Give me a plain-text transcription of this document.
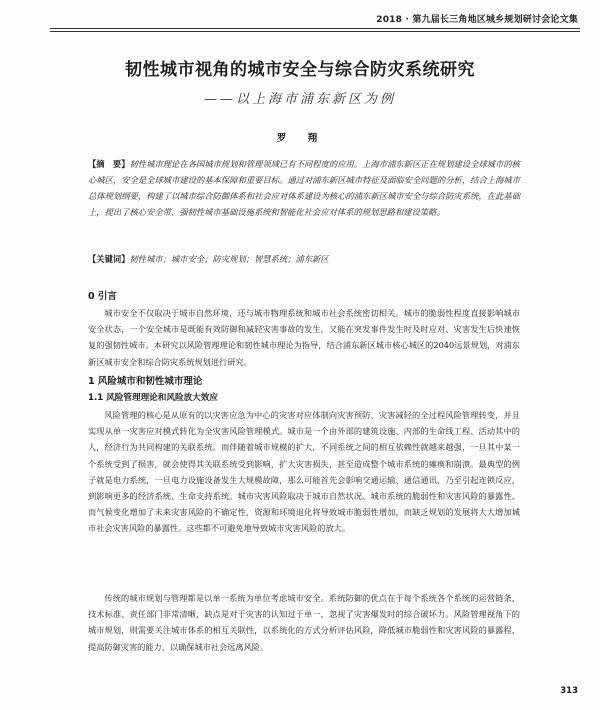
2018 · 第九届长三角地区城乡规划研讨会论文集
韧性城市视角的城市安全与综合防灾系统研究
——以上海市浦东新区为例
罗　翔
【摘　要】韧性城市理论在各国城市规划和管理领域已有不同程度的应用。上海市浦东新区正在规划建设全球城市的核心城区，安全是全球城市建设的基本保障和重要目标。通过对浦东新区城市特征及面临安全问题的分析，结合上海城市总体规划纲要，构建了以城市综合防御体系和社会应对体系建设为核心的浦东新区城市安全与综合防灾系统，在此基础上，提出了核心安全带、强韧性城市基础设施系统和智能化社会应对体系的规划思路和建设策略。
【关键词】韧性城市；城市安全；防灾规划；智慧系统；浦东新区
0 引言
城市安全不仅取决于城市自然环境，还与城市物理系统和城市社会系统密切相关。城市的脆弱性程度直接影响城市安全状态，一个安全城市是既能有效防御和减轻灾害事故的发生，又能在突发事件发生时及时应对、灾害发生后快速恢复的强韧性城市。本研究以风险管理理论和韧性城市理论为指导，结合浦东新区城市核心城区的2040远景规划，对浦东新区城市安全和综合防灾系统规划进行研究。
1 风险城市和韧性城市理论
1.1 风险管理理论和风险放大效应
风险管理的核心是从原有的以灾害应急为中心的灾害对应体制向灾害预防、灾害减轻的全过程风险管理转变，并且实现从单一灾害应对模式转化为全灾害风险管理模式。城市是一个由外部的建筑设施、内部的生命线工程、活动其中的人，经济行为共同构建的关联系统。而伴随着城市规模的扩大，不同系统之间的相互依赖性就越来越强，一旦其中某一个系统受到了损害，就会使得其关联系统受到影响，扩大灾害损失，甚至造成整个城市系统的瘫痪和崩溃。最典型的例子就是电力系统，一旦电力设施设备发生大规模故障，那么可能首先会影响交通运输、通信通讯，乃至引起连锁反应，到影响更多的经济系统、生命支持系统。城市灾害风险取决于城市自然状况、城市系统的脆弱性和灾害风险的暴露性。而气候变化增加了未来灾害风险的不确定性，资源和环境退化将导致城市脆弱性增加，而缺乏规划的发展将大大增加城市社会灾害风险的暴露性。这些都不可避免地导致城市灾害风险的放大。
传统的城市规划与管理都是以单一系统为单位考虑城市安全。系统防御的优点在于每个系统各个系统的运营链条、技术标准、责任部门非常清晰，缺点是对于灾害的认知过于单一，忽视了灾害爆发时的综合破坏力。风险管理视角下的城市规划，则需要关注城市体系的相互关联性，以系统化的方式分析评估风险，降低城市脆弱性和灾害风险的暴露程，提高防御灾害的能力，以确保城市社会远离风险。
313
